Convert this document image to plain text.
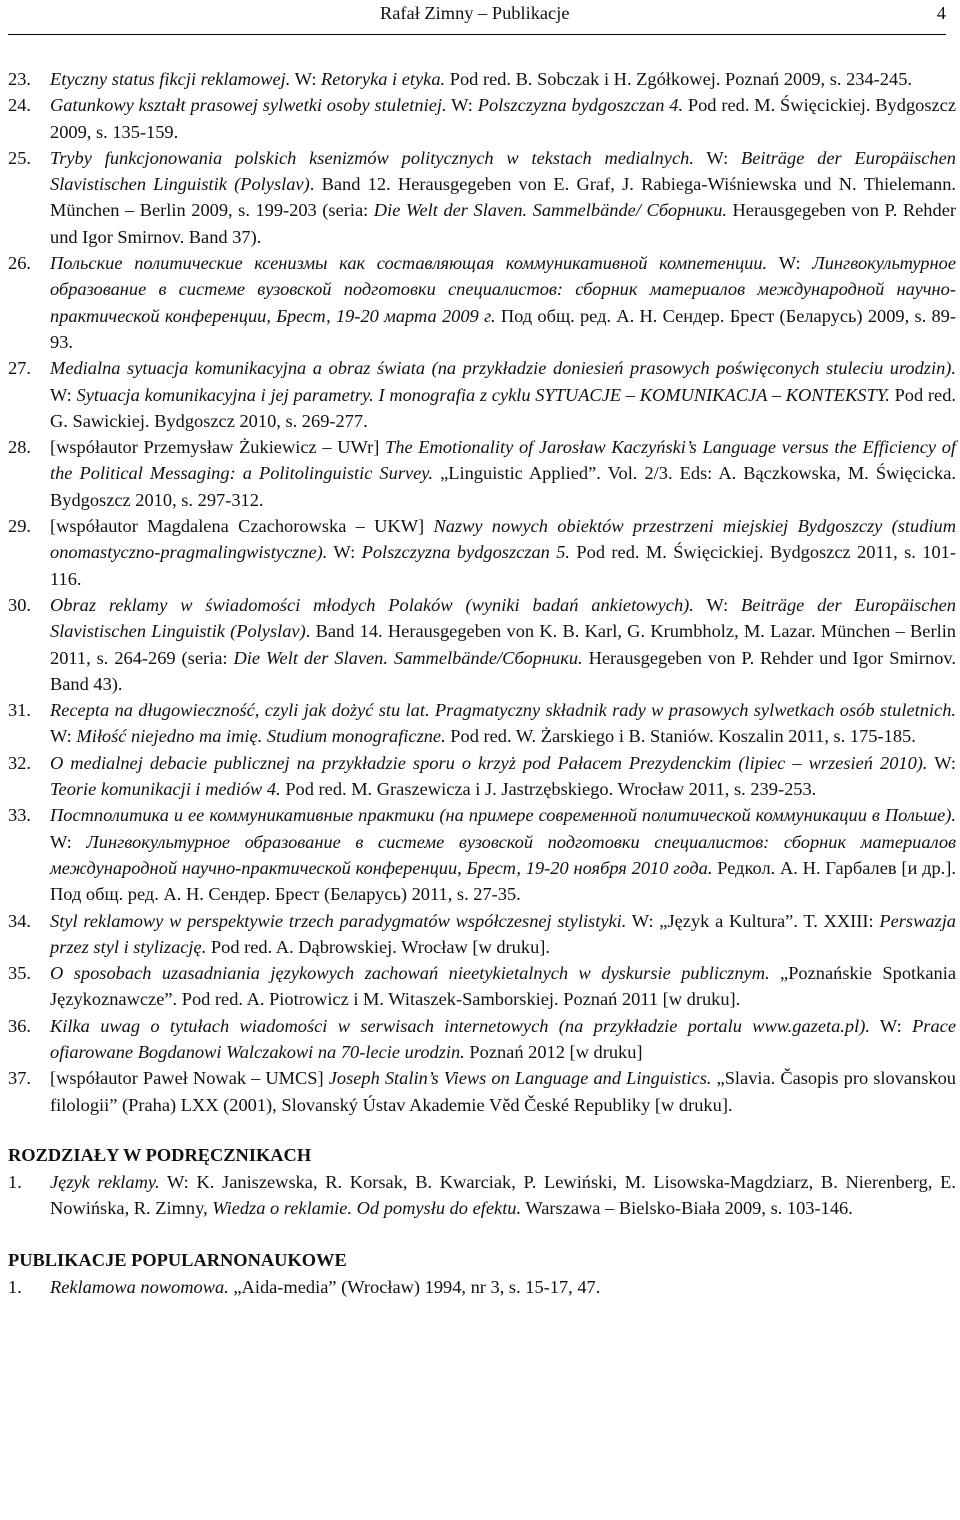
Rafał Zimny – Publikacje	4
23. Etyczny status fikcji reklamowej. W: Retoryka i etyka. Pod red. B. Sobczak i H. Zgółkowej. Poznań 2009, s. 234-245.
24. Gatunkowy kształt prasowej sylwetki osoby stuletniej. W: Polszczyzna bydgoszczan 4. Pod red. M. Święcickiej. Bydgoszcz 2009, s. 135-159.
25. Tryby funkcjonowania polskich ksenizmów politycznych w tekstach medialnych. W: Beiträge der Europäischen Slavistischen Linguistik (Polyslav). Band 12. Herausgegeben von E. Graf, J. Rabiega-Wiśniewska und N. Thielemann. München – Berlin 2009, s. 199-203 (seria: Die Welt der Slaven. Sammelbände/ Сборники. Herausgegeben von P. Rehder und Igor Smirnov. Band 37).
26. Польские политические ксенизмы как составляющая коммуникативной компетенции. W: Лингвокультурное образование в системе вузовской подготовки специалистов: сборник материалов международной научно-практической конференции, Брест, 19-20 марта 2009 г. Под общ. ред. А. Н. Сендер. Брест (Беларусь) 2009, s. 89-93.
27. Medialna sytuacja komunikacyjna a obraz świata (na przykładzie doniesień prasowych poświęconych stuleciu urodzin). W: Sytuacja komunikacyjna i jej parametry. I monografia z cyklu SYTUACJE – KOMUNIKACJA – KONTEKSTY. Pod red. G. Sawickiej. Bydgoszcz 2010, s. 269-277.
28. [współautor Przemysław Żukiewicz – UWr] The Emotionality of Jarosław Kaczyński’s Language versus the Efficiency of the Political Messaging: a Politolinguistic Survey. „Linguistic Applied”. Vol. 2/3. Eds: A. Bączkowska, M. Święcicka. Bydgoszcz 2010, s. 297-312.
29. [współautor Magdalena Czachorowska – UKW] Nazwy nowych obiektów przestrzeni miejskiej Bydgoszczy (studium onomastyczno-pragmalingwistyczne). W: Polszczyzna bydgoszczan 5. Pod red. M. Święcickiej. Bydgoszcz 2011, s. 101-116.
30. Obraz reklamy w świadomości młodych Polaków (wyniki badań ankietowych). W: Beiträge der Europäischen Slavistischen Linguistik (Polyslav). Band 14. Herausgegeben von K. B. Karl, G. Krumbholz, M. Lazar. München – Berlin 2011, s. 264-269 (seria: Die Welt der Slaven. Sammelbände/Сборники. Herausgegeben von P. Rehder und Igor Smirnov. Band 43).
31. Recepta na długowieczność, czyli jak dożyć stu lat. Pragmatyczny składnik rady w prasowych sylwetkach osób stuletnich. W: Miłość niejedno ma imię. Studium monograficzne. Pod red. W. Żarskiego i B. Staniów. Koszalin 2011, s. 175-185.
32. O medialnej debacie publicznej na przykładzie sporu o krzyż pod Pałacem Prezydenckim (lipiec – wrzesień 2010). W: Teorie komunikacji i mediów 4. Pod red. M. Graszewicza i J. Jastrzębskiego. Wrocław 2011, s. 239-253.
33. Постполитика и ее коммуникативные практики (на примере современной политической коммуникации в Польше). W: Лингвокультурное образование в системе вузовской подготовки специалистов: сборник материалов международной научно-практической конференции, Брест, 19-20 ноября 2010 года. Редкол. А. Н. Гарбалев [и др.]. Под общ. ред. А. Н. Сендер. Брест (Беларусь) 2011, s. 27-35.
34. Styl reklamowy w perspektywie trzech paradygmatów współczesnej stylistyki. W: „Język a Kultura”. T. XXIII: Perswazja przez styl i stylizację. Pod red. A. Dąbrowskiej. Wrocław [w druku].
35. O sposobach uzasadniania językowych zachowań nieetykietalnych w dyskursie publicznym. „Poznańskie Spotkania Językoznawcze”. Pod red. A. Piotrowicz i M. Witaszek-Samborskiej. Poznań 2011 [w druku].
36. Kilka uwag o tytułach wiadomości w serwisach internetowych (na przykładzie portalu www.gazeta.pl). W: Prace ofiarowane Bogdanowi Walczakowi na 70-lecie urodzin. Poznań 2012 [w druku]
37. [współautor Paweł Nowak – UMCS] Joseph Stalin’s Views on Language and Linguistics. „Slavia. Časopis pro slovanskou filologii” (Praha) LXX (2001), Slovanský Ústav Akademie Věd České Republiky [w druku].
ROZDZIAŁY W PODRĘCZNIKACH
1. Język reklamy. W: K. Janiszewska, R. Korsak, B. Kwarciak, P. Lewiński, M. Lisowska-Magdziarz, B. Nierenberg, E. Nowińska, R. Zimny, Wiedza o reklamie. Od pomysłu do efektu. Warszawa – Bielsko-Biała 2009, s. 103-146.
PUBLIKACJE POPULARNONAUKOWE
1. Reklamowa nowomowa. „Aida-media” (Wrocław) 1994, nr 3, s. 15-17, 47.
